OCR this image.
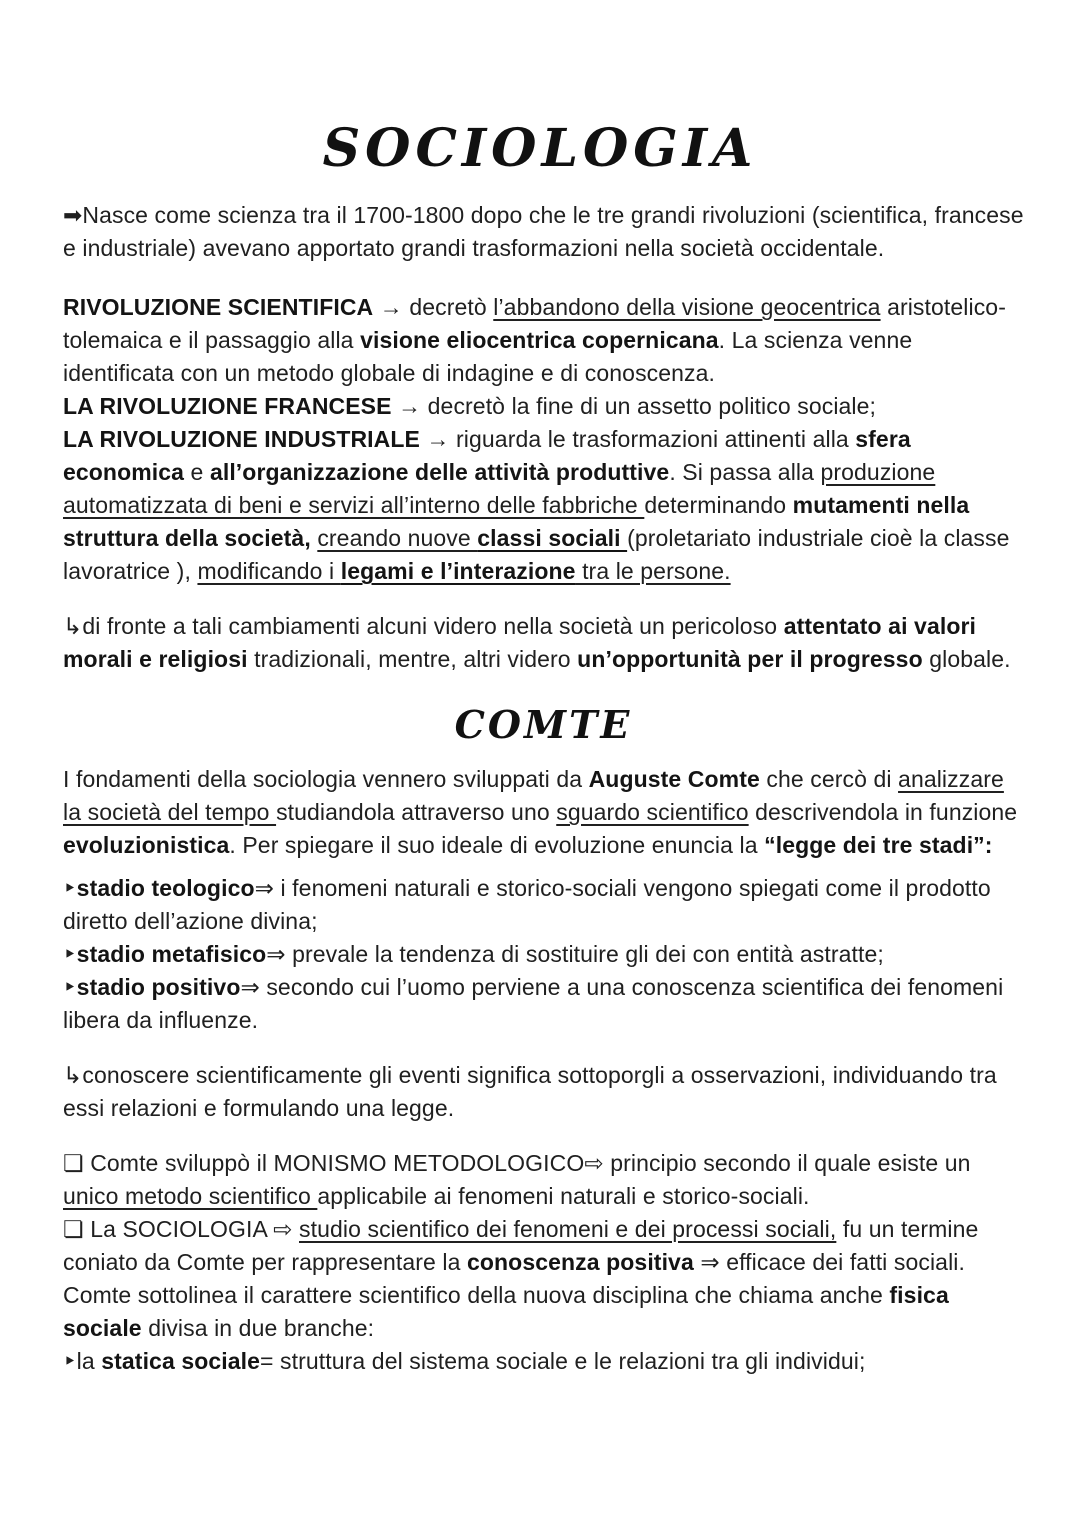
SOCIOLOGIA

➡Nasce come scienza tra il 1700-1800 dopo che le tre grandi rivoluzioni (scientifica, francese e industriale) avevano apportato grandi trasformazioni nella società occidentale.

RIVOLUZIONE SCIENTIFICA → decretò l’abbandono della visione geocentrica aristotelico-tolemaica e il passaggio alla visione eliocentrica copernicana. La scienza venne identificata con un metodo globale di indagine e di conoscenza.

LA RIVOLUZIONE FRANCESE → decretò la fine di un assetto politico sociale;

LA RIVOLUZIONE INDUSTRIALE → riguarda le trasformazioni attinenti alla sfera economica e all’organizzazione delle attività produttive. Si passa alla produzione automatizzata di beni e servizi all’interno delle fabbriche determinando mutamenti nella struttura della società, creando nuove classi sociali (proletariato industriale cioè la classe lavoratrice ), modificando i legami e l’interazione tra le persone.

↳di fronte a tali cambiamenti alcuni videro nella società un pericoloso attentato ai valori morali e religiosi tradizionali, mentre, altri videro un’opportunità per il progresso globale.

COMTE

I fondamenti della sociologia vennero sviluppati da Auguste Comte che cercò di analizzare la società del tempo studiandola attraverso uno sguardo scientifico descrivendola in funzione evoluzionistica. Per spiegare il suo ideale di evoluzione enuncia la “legge dei tre stadi”:

‣stadio teologico⇒ i fenomeni naturali e storico-sociali vengono spiegati come il prodotto diretto dell’azione divina;

‣stadio metafisico⇒ prevale la tendenza di sostituire gli dei con entità astratte;

‣stadio positivo⇒ secondo cui l’uomo perviene a una conoscenza scientifica dei fenomeni libera da influenze.

↳conoscere scientificamente gli eventi significa sottoporgli a osservazioni, individuando tra essi relazioni e formulando una legge.

❏ Comte sviluppò il MONISMO METODOLOGICO⇨ principio secondo il quale esiste un unico metodo scientifico applicabile ai fenomeni naturali e storico-sociali.

❏ La SOCIOLOGIA ⇨ studio scientifico dei fenomeni e dei processi sociali, fu un termine coniato da Comte per rappresentare la conoscenza positiva ⇒ efficace dei fatti sociali. Comte sottolinea il carattere scientifico della nuova disciplina che chiama anche fisica sociale divisa in due branche:

‣la statica sociale= struttura del sistema sociale e le relazioni tra gli individui;
